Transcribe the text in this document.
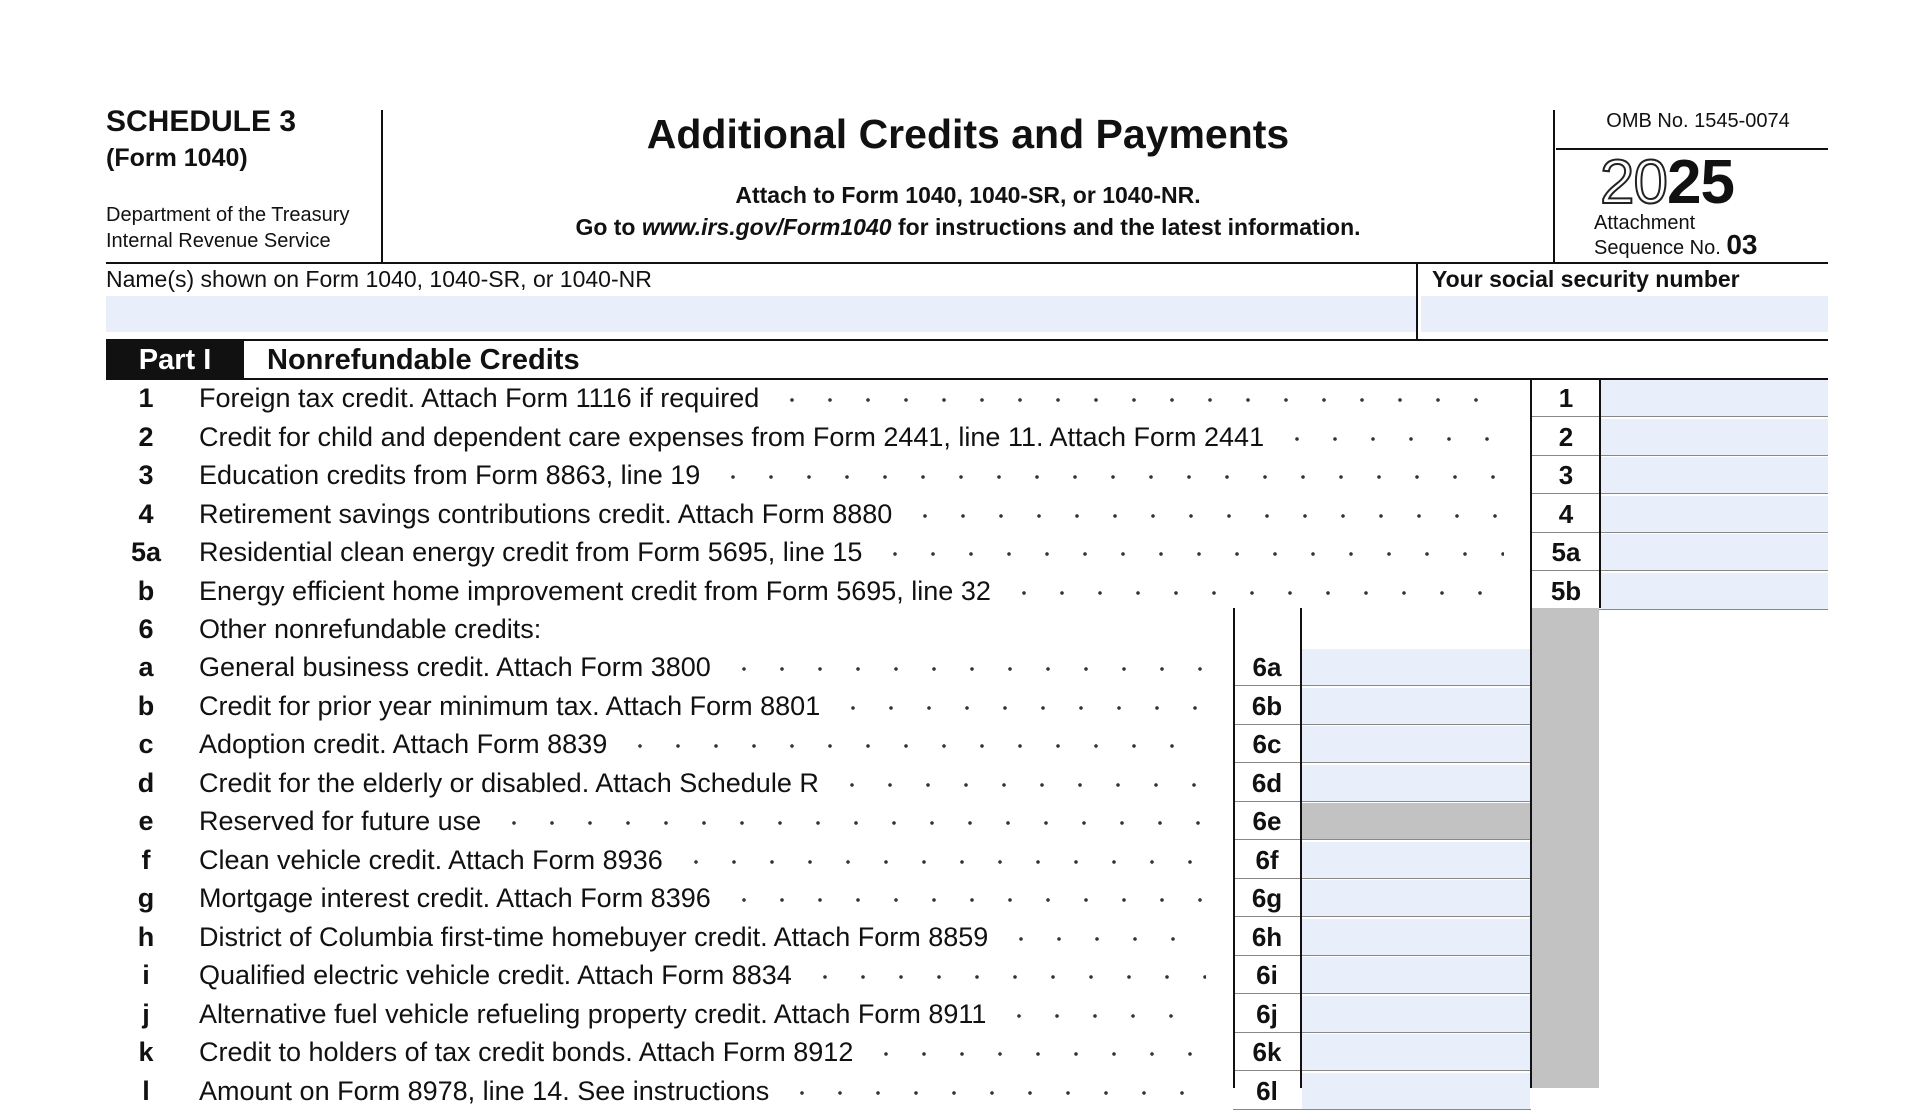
SCHEDULE 3
(Form 1040)
Department of the Treasury
Internal Revenue Service
Additional Credits and Payments
Attach to Form 1040, 1040-SR, or 1040-NR.
Go to www.irs.gov/Form1040 for instructions and the latest information.
OMB No. 1545-0074
2025
Attachment
Sequence No. 03
Name(s) shown on Form 1040, 1040-SR, or 1040-NR	Your social security number
Part I	Nonrefundable Credits
1	Foreign tax credit. Attach Form 1116 if required	1
2	Credit for child and dependent care expenses from Form 2441, line 11. Attach Form 2441	2
3	Education credits from Form 8863, line 19	3
4	Retirement savings contributions credit. Attach Form 8880	4
5a	Residential clean energy credit from Form 5695, line 15	5a
b	Energy efficient home improvement credit from Form 5695, line 32	5b
6	Other nonrefundable credits:
a	General business credit. Attach Form 3800	6a
b	Credit for prior year minimum tax. Attach Form 8801	6b
c	Adoption credit. Attach Form 8839	6c
d	Credit for the elderly or disabled. Attach Schedule R	6d
e	Reserved for future use	6e
f	Clean vehicle credit. Attach Form 8936	6f
g	Mortgage interest credit. Attach Form 8396	6g
h	District of Columbia first-time homebuyer credit. Attach Form 8859	6h
i	Qualified electric vehicle credit. Attach Form 8834	6i
j	Alternative fuel vehicle refueling property credit. Attach Form 8911	6j
k	Credit to holders of tax credit bonds. Attach Form 8912	6k
l	Amount on Form 8978, line 14. See instructions	6l
